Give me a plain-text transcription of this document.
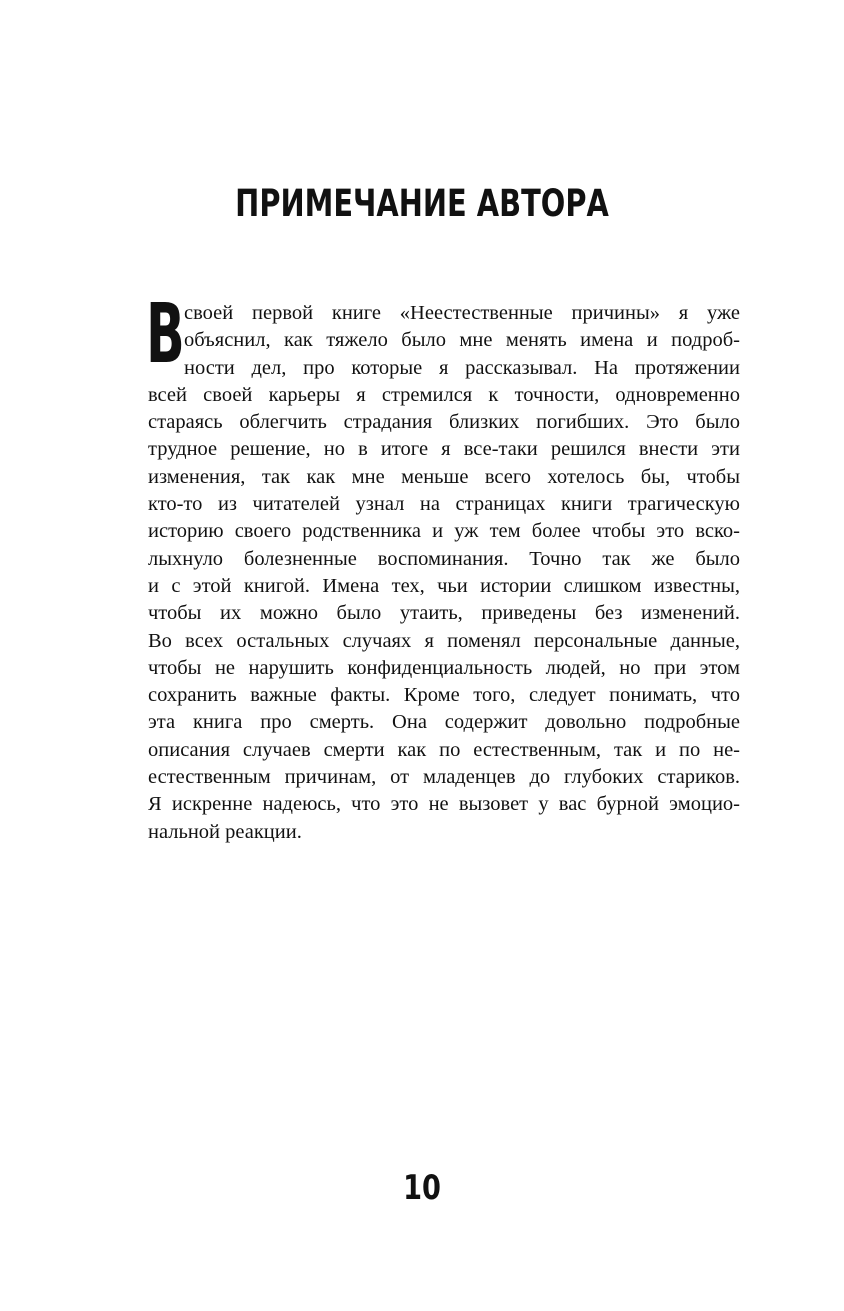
ПРИМЕЧАНИЕ АВТОРА
В своей первой книге «Неестественные причины» я уже
объяснил, как тяжело было мне менять имена и подроб-
ности дел, про которые я рассказывал. На протяжении
всей своей карьеры я стремился к точности, одновременно
стараясь облегчить страдания близких погибших. Это было
трудное решение, но в итоге я все-таки решился внести эти
изменения, так как мне меньше всего хотелось бы, чтобы
кто-то из читателей узнал на страницах книги трагическую
историю своего родственника и уж тем более чтобы это вско-
лыхнуло болезненные воспоминания. Точно так же было
и с этой книгой. Имена тех, чьи истории слишком известны,
чтобы их можно было утаить, приведены без изменений.
Во всех остальных случаях я поменял персональные данные,
чтобы не нарушить конфиденциальность людей, но при этом
сохранить важные факты. Кроме того, следует понимать, что
эта книга про смерть. Она содержит довольно подробные
описания случаев смерти как по естественным, так и по не-
естественным причинам, от младенцев до глубоких стариков.
Я искренне надеюсь, что это не вызовет у вас бурной эмоцио-
нальной реакции.
10
